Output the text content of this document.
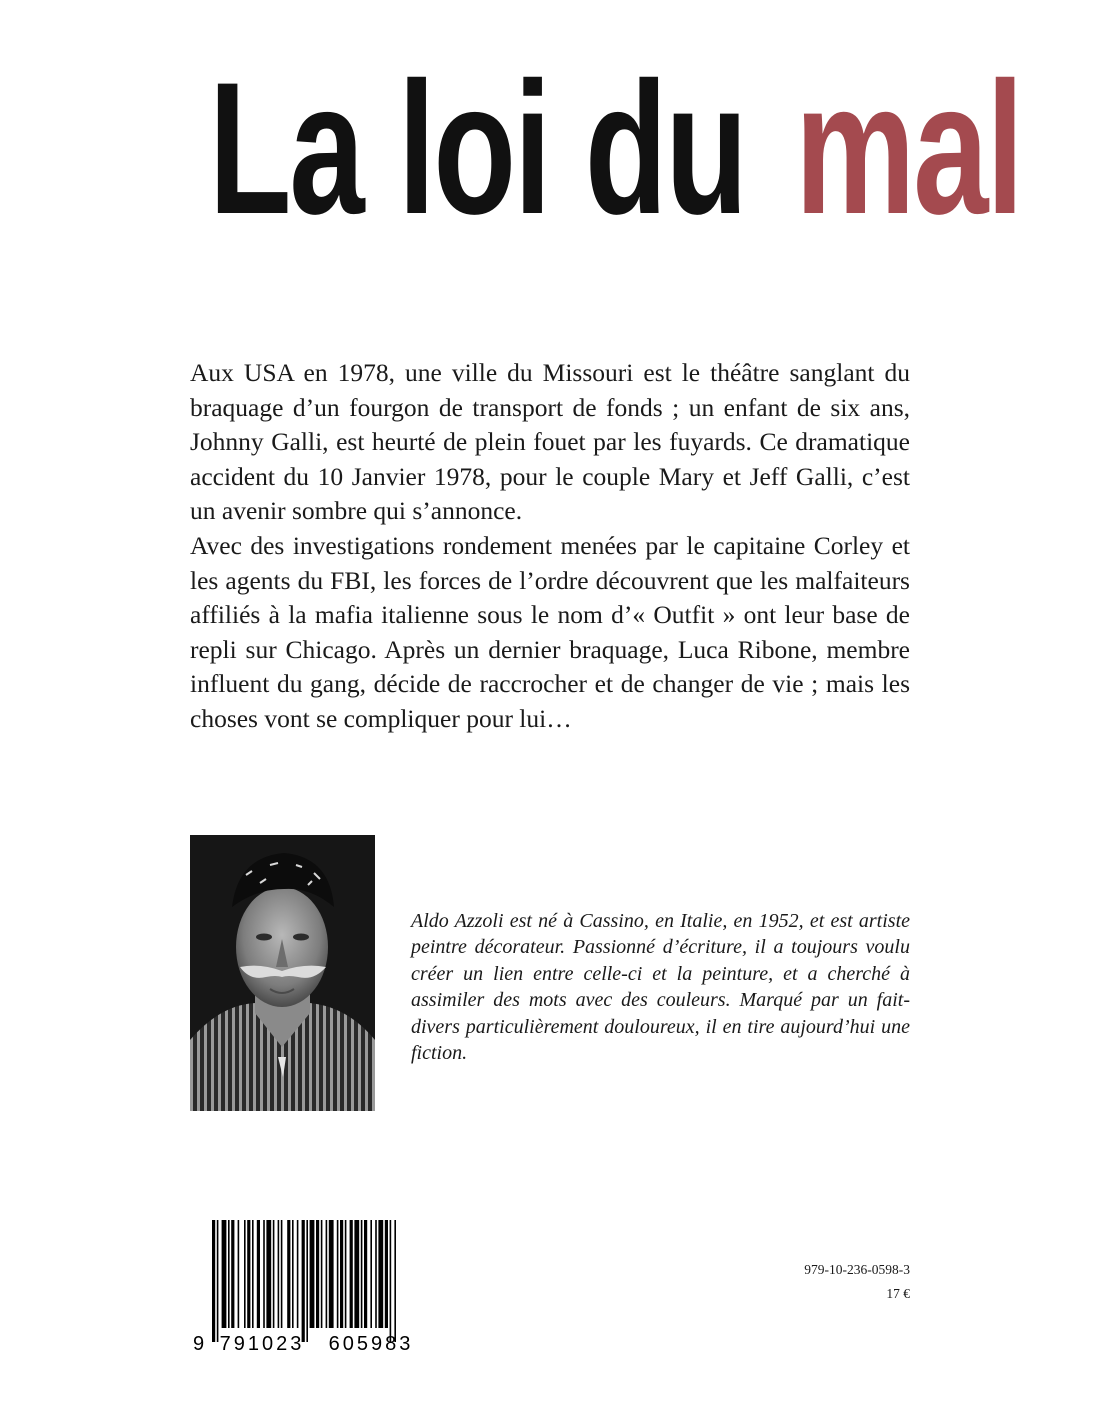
La loi du mal

Aux USA en 1978, une ville du Missouri est le théâtre sanglant du braquage d’un fourgon de transport de fonds ; un enfant de six ans, Johnny Galli, est heurté de plein fouet par les fuyards. Ce dramatique accident du 10 Janvier 1978, pour le couple Mary et Jeff Galli, c’est un avenir sombre qui s’annonce.

Avec des investigations rondement menées par le capitaine Corley et les agents du FBI, les forces de l’ordre découvrent que les malfaiteurs affiliés à la mafia italienne sous le nom d’« Outfit » ont leur base de repli sur Chicago. Après un dernier braquage, Luca Ribone, membre influent du gang, décide de raccrocher et de changer de vie ; mais les choses vont se compliquer pour lui…

Aldo Azzoli est né à Cassino, en Italie, en 1952, et est artiste peintre décorateur. Passionné d’écriture, il a toujours voulu créer un lien entre celle-ci et la peinture, et a cherché à assimiler des mots avec des couleurs. Marqué par un fait-divers particulièrement douloureux, il en tire aujourd’hui une fiction.
9 791023 605983
979-10-236-0598-3
17 €
